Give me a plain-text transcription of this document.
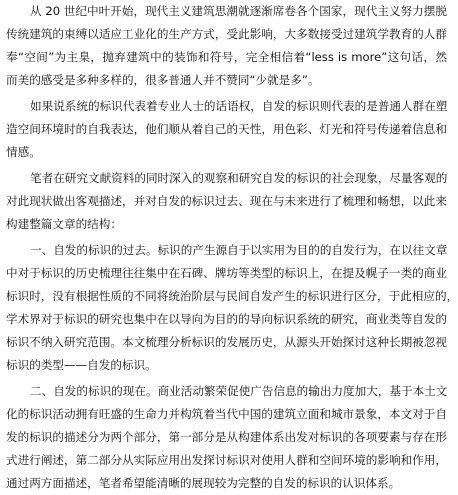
从 20 世纪中叶开始，现代主义建筑思潮就逐渐席卷各个国家，现代主义努力摆脱
传统建筑的束缚以适应工业化的生产方式，受此影响，大多数接受过建筑学教育的人群
奉“空间”为主臬，抛弃建筑中的装饰和符号，完全相信着“less is more”这句话，然
而美的感受是多种多样的，很多普通人并不赞同“少就是多”。
如果说系统的标识代表着专业人士的话语权，自发的标识则代表的是普通人群在塑
造空间环境时的自我表达，他们顺从着自己的天性，用色彩、灯光和符号传递着信息和
情感。
笔者在研究文献资料的同时深入的观察和研究自发的标识的社会现象，尽量客观的
对此现状做出客观描述，并对自发的标识过去、现在与未来进行了梳理和畅想，以此来
构建整篇文章的结构：
一、自发的标识的过去。标识的产生源自于以实用为目的的自发行为，在以往文章
中对于标识的历史梳理往往集中在石碑、牌坊等类型的标识上，在提及幌子一类的商业
标识时，没有根据性质的不同将统治阶层与民间自发产生的标识进行区分，于此相应的，
学术界对于标识的研究也集中在以导向为目的的导向标识系统的研究，商业类等自发的
标识不纳入研究范围。本文梳理分析标识的发展历史，从源头开始探讨这种长期被忽视
标识的类型——自发的标识。
二、自发的标识的现在。商业活动繁荣促使广告信息的输出力度加大，基于本土文
化的标识活动拥有旺盛的生命力并构筑着当代中国的建筑立面和城市景象，本文对于自
发的标识的描述分为两个部分，第一部分是从构建体系出发对标识的各项要素与存在形
式进行阐述，第二部分从实际应用出发探讨标识对使用人群和空间环境的影响和作用，
通过两方面描述，笔者希望能清晰的展现较为完整的自发的标识的认识体系。
